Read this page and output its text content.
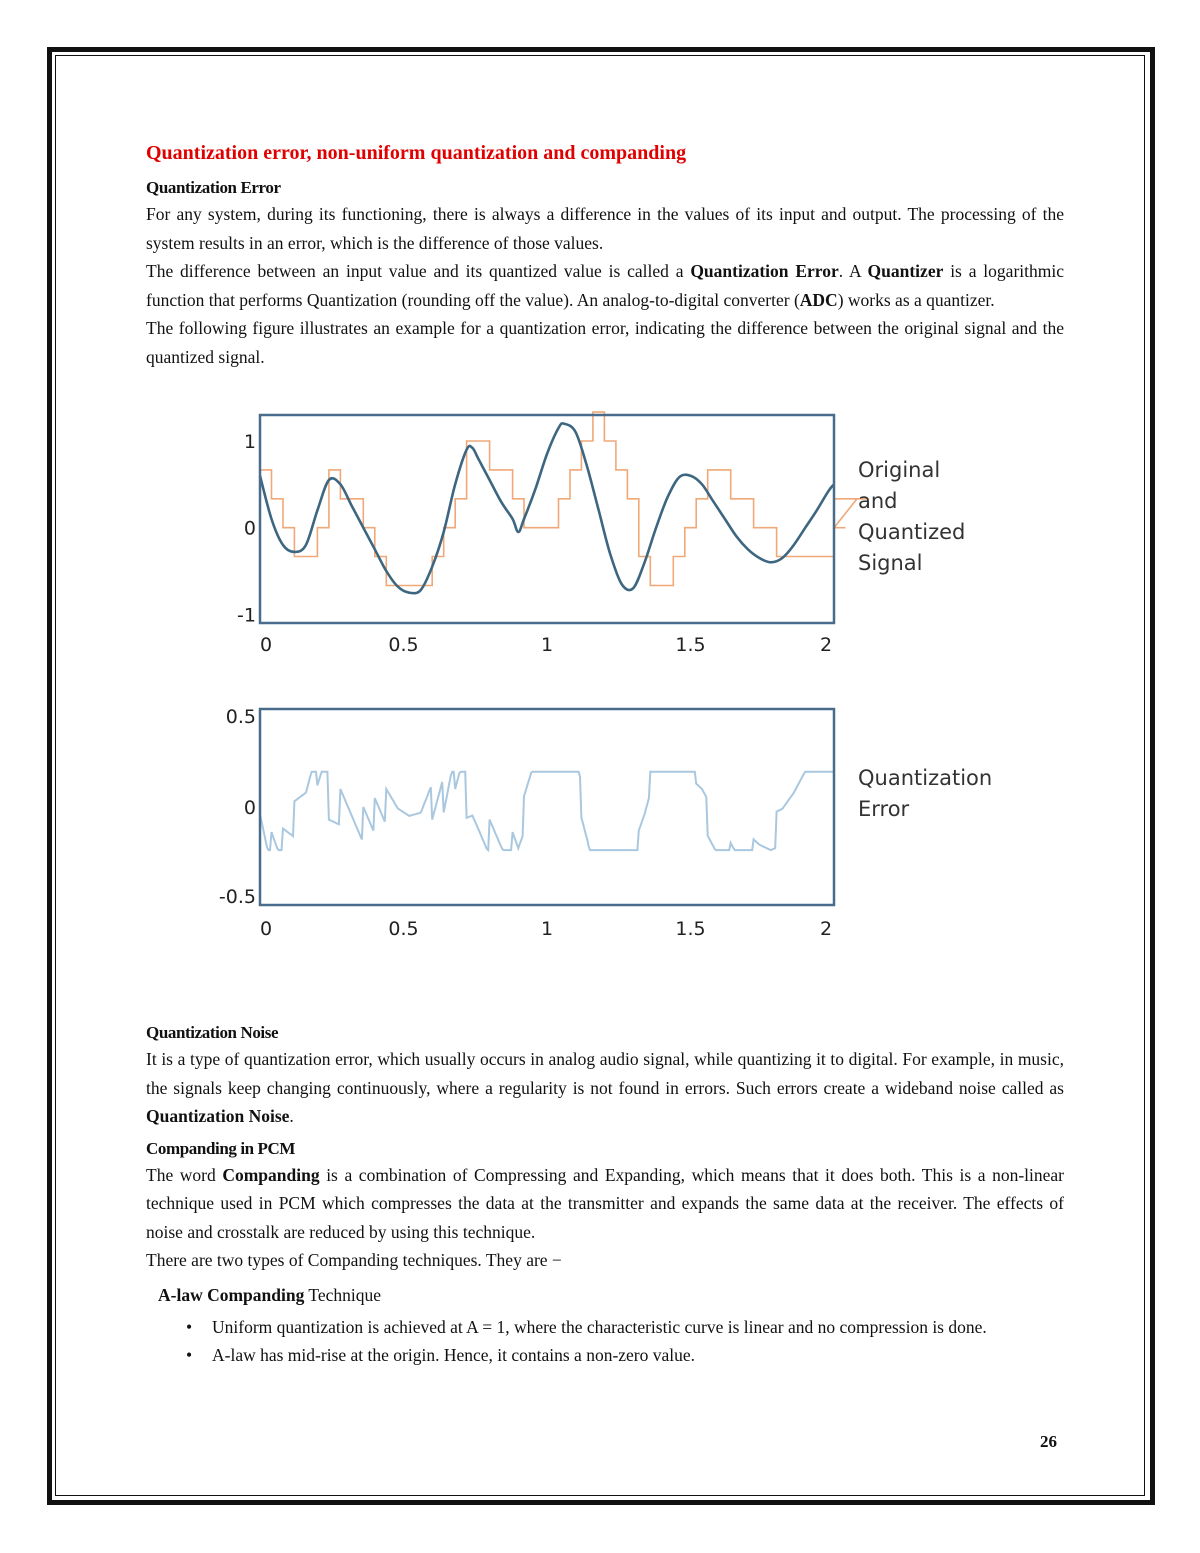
Quantization error, non-uniform quantization and companding
Quantization Error

For any system, during its functioning, there is always a difference in the values of its input and output. The processing of the system results in an error, which is the difference of those values.

The difference between an input value and its quantized value is called a Quantization Error. A Quantizer is a logarithmic function that performs Quantization (rounding off the value). An analog-to-digital converter (ADC) works as a quantizer.

The following figure illustrates an example for a quantization error, indicating the difference between the original signal and the quantized signal.

1
0
-1
0	0.5	1	1.5	2
0.5
0
-0.5
0	0.5	1	1.5	2
Original
and
Quantized
Signal
Quantization
Error
Quantization Noise

It is a type of quantization error, which usually occurs in analog audio signal, while quantizing it to digital. For example, in music, the signals keep changing continuously, where a regularity is not found in errors. Such errors create a wideband noise called as Quantization Noise.

Companding in PCM

The word Companding is a combination of Compressing and Expanding, which means that it does both. This is a non-linear technique used in PCM which compresses the data at the transmitter and expands the same data at the receiver. The effects of noise and crosstalk are reduced by using this technique.

There are two types of Companding techniques. They are −

A-law Companding Technique
• Uniform quantization is achieved at A = 1, where the characteristic curve is linear and no compression is done.
• A-law has mid-rise at the origin. Hence, it contains a non-zero value.
26
